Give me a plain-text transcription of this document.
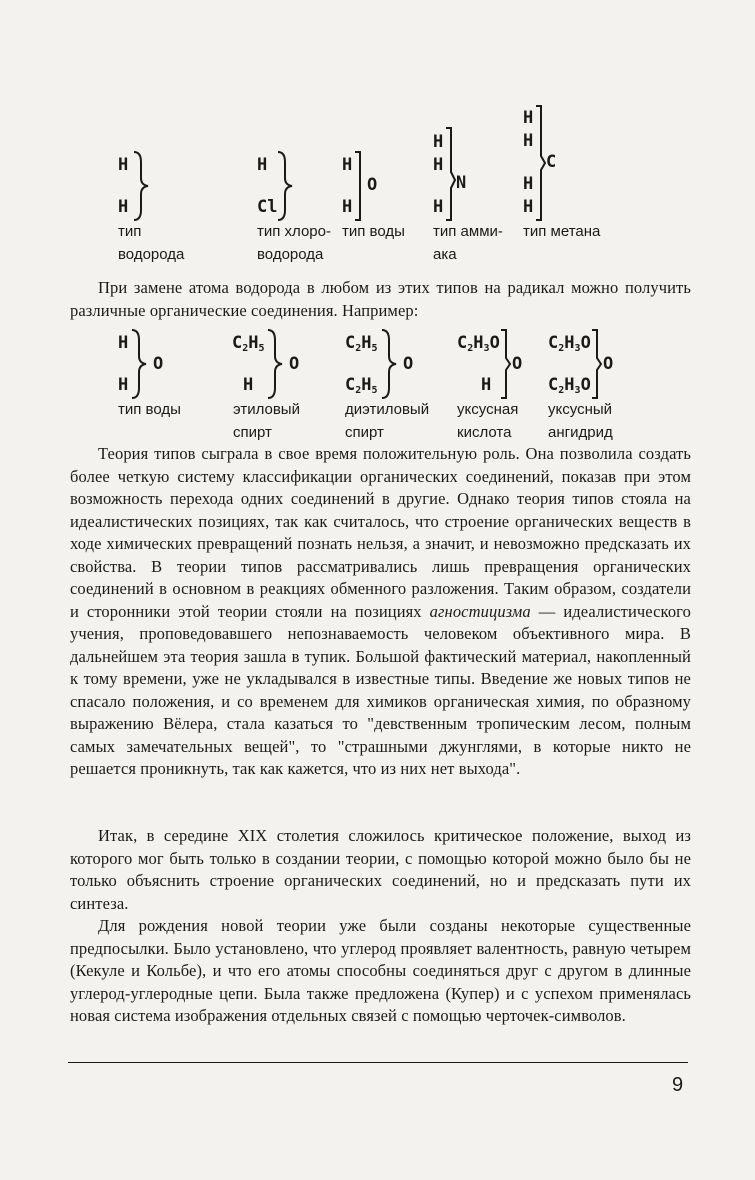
H
H
тип
водорода
H
Cl
тип хлоро-
водорода
H
H
O
тип воды
H
H
H
N
тип амми-
ака
H
H
H
H
C
тип метана

При замене атома водорода в любом из этих типов на радикал можно получить различные органические соединения. Например:

H
H
O
тип воды
$C_2H_5$
H
O
этиловый
спирт
$C_2H_5$
$C_2H_5$
O
диэтиловый
спирт
$C_2H_3O$
H
O
уксусная
кислота
$C_2H_3O$
$C_2H_3O$
O
уксусный
ангидрид

Теория типов сыграла в свое время положительную роль. Она позволила создать более четкую систему классификации органических соединений, показав при этом возможность перехода одних соединений в другие. Однако теория типов стояла на идеалистических позициях, так как считалось, что строение органических веществ в ходе химических превращений познать нельзя, а значит, и невозможно предсказать их свойства. В теории типов рассматривались лишь превращения органических соединений в основном в реакциях обменного разложения. Таким образом, создатели и сторонники этой теории стояли на позициях агностицизма — идеалистического учения, проповедовавшего непознаваемость человеком объективного мира. В дальнейшем эта теория зашла в тупик. Большой фактический материал, накопленный к тому времени, уже не укладывался в известные типы. Введение же новых типов не спасало положения, и со временем для химиков органическая химия, по образному выражению Вёлера, стала казаться то "девственным тропическим лесом, полным самых замечательных вещей", то "страшными джунглями, в которые никто не решается проникнуть, так как кажется, что из них нет выхода".

Итак, в середине XIX столетия сложилось критическое положение, выход из которого мог быть только в создании теории, с помощью которой можно было бы не только объяснить строение органических соединений, но и предсказать пути их синтеза.

Для рождения новой теории уже были созданы некоторые существенные предпосылки. Было установлено, что углерод проявляет валентность, равную четырем (Кекуле и Кольбе), и что его атомы способны соединяться друг с другом в длинные углерод-углеродные цепи. Была также предложена (Купер) и с успехом применялась новая система изображения отдельных связей с помощью черточек-символов.

9
